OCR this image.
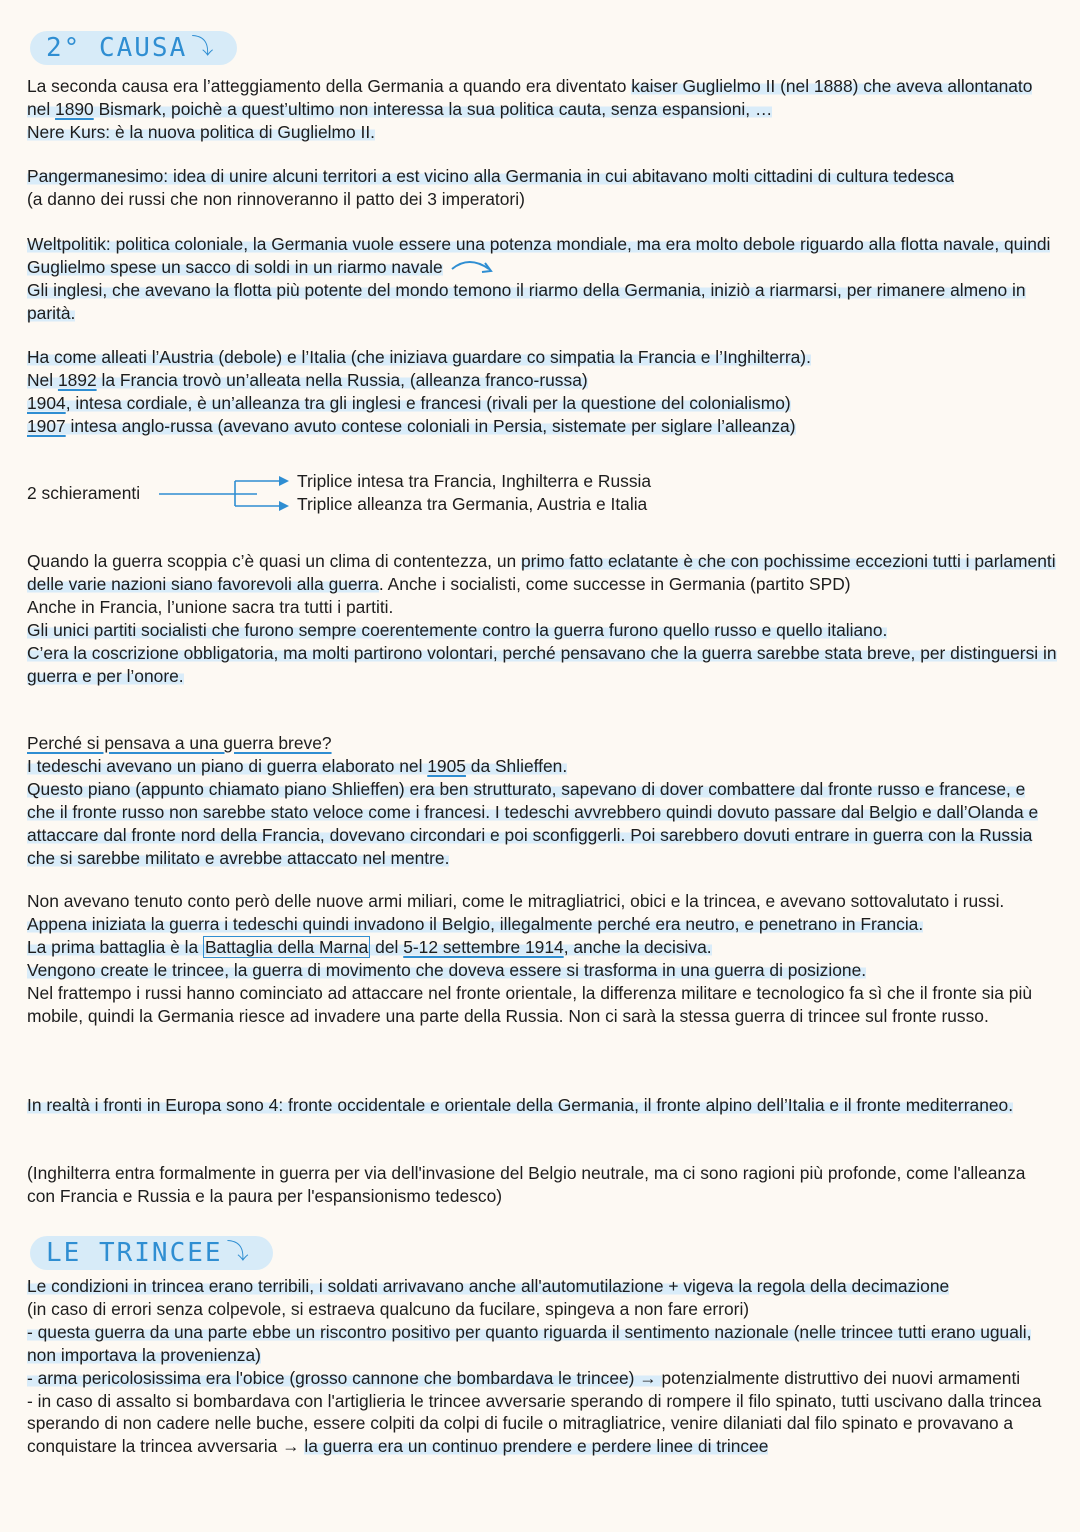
2° CAUSA ⤵

La seconda causa era l’atteggiamento della Germania a quando era diventato kaiser Guglielmo II (nel 1888) che aveva allontanato nel 1890 Bismark, poichè a quest’ultimo non interessa la sua politica cauta, senza espansioni, …

Nere Kurs: è la nuova politica di Guglielmo II.

Pangermanesimo: idea di unire alcuni territori a est vicino alla Germania in cui abitavano molti cittadini di cultura tedesca

(a danno dei russi che non rinnoveranno il patto dei 3 imperatori)

Weltpolitik: politica coloniale, la Germania vuole essere una potenza mondiale, ma era molto debole riguardo alla flotta navale, quindi Guglielmo spese un sacco di soldi in un riarmo navale

Gli inglesi, che avevano la flotta più potente del mondo temono il riarmo della Germania, iniziò a riarmarsi, per rimanere almeno in parità.

Ha come alleati l’Austria (debole) e l’Italia (che iniziava guardare co simpatia la Francia e l’Inghilterra).

Nel 1892 la Francia trovò un’alleata nella Russia, (alleanza franco-russa)

1904, intesa cordiale, è un’alleanza tra gli inglesi e francesi (rivali per la questione del colonialismo)

1907 intesa anglo-russa (avevano avuto contese coloniali in Persia, sistemate per siglare l’alleanza)

2 schieramenti
Triplice intesa tra Francia, Inghilterra e Russia
Triplice alleanza tra Germania, Austria e Italia

Quando la guerra scoppia c’è quasi un clima di contentezza, un primo fatto eclatante è che con pochissime eccezioni tutti i parlamenti delle varie nazioni siano favorevoli alla guerra. Anche i socialisti, come successe in Germania (partito SPD)

Anche in Francia, l’unione sacra tra tutti i partiti.

Gli unici partiti socialisti che furono sempre coerentemente contro la guerra furono quello russo e quello italiano.

C’era la coscrizione obbligatoria, ma molti partirono volontari, perché pensavano che la guerra sarebbe stata breve, per distinguersi in guerra e per l’onore.

Perché si pensava a una guerra breve?

I tedeschi avevano un piano di guerra elaborato nel 1905 da Shlieffen.

Questo piano (appunto chiamato piano Shlieffen) era ben strutturato, sapevano di dover combattere dal fronte russo e francese, e che il fronte russo non sarebbe stato veloce come i francesi. I tedeschi avvrebbero quindi dovuto passare dal Belgio e dall’Olanda e attaccare dal fronte nord della Francia, dovevano circondari e poi sconfiggerli. Poi sarebbero dovuti entrare in guerra con la Russia che si sarebbe militato e avrebbe attaccato nel mentre.

Non avevano tenuto conto però delle nuove armi miliari, come le mitragliatrici, obici e la trincea, e avevano sottovalutato i russi.

Appena iniziata la guerra i tedeschi quindi invadono il Belgio, illegalmente perché era neutro, e penetrano in Francia.

La prima battaglia è la Battaglia della Marna del 5-12 settembre 1914, anche la decisiva.

Vengono create le trincee, la guerra di movimento che doveva essere si trasforma in una guerra di posizione.

Nel frattempo i russi hanno cominciato ad attaccare nel fronte orientale, la differenza militare e tecnologico fa sì che il fronte sia più mobile, quindi la Germania riesce ad invadere una parte della Russia. Non ci sarà la stessa guerra di trincee sul fronte russo.

In realtà i fronti in Europa sono 4: fronte occidentale e orientale della Germania, il fronte alpino dell’Italia e il fronte mediterraneo.

(Inghilterra entra formalmente in guerra per via dell'invasione del Belgio neutrale, ma ci sono ragioni più profonde, come l'alleanza con Francia e Russia e la paura per l'espansionismo tedesco)

LE TRINCEE ⤵

Le condizioni in trincea erano terribili, i soldati arrivavano anche all'automutilazione + vigeva la regola della decimazione

(in caso di errori senza colpevole, si estraeva qualcuno da fucilare, spingeva a non fare errori)

- questa guerra da una parte ebbe un riscontro positivo per quanto riguarda il sentimento nazionale (nelle trincee tutti erano uguali, non importava la provenienza)

- arma pericolosissima era l'obice (grosso cannone che bombardava le trincee) → potenzialmente distruttivo dei nuovi armamenti

- in caso di assalto si bombardava con l'artiglieria le trincee avversarie sperando di rompere il filo spinato, tutti uscivano dalla trincea sperando di non cadere nelle buche, essere colpiti da colpi di fucile o mitragliatrice, venire dilaniati dal filo spinato e provavano a conquistare la trincea avversaria → la guerra era un continuo prendere e perdere linee di trincee
